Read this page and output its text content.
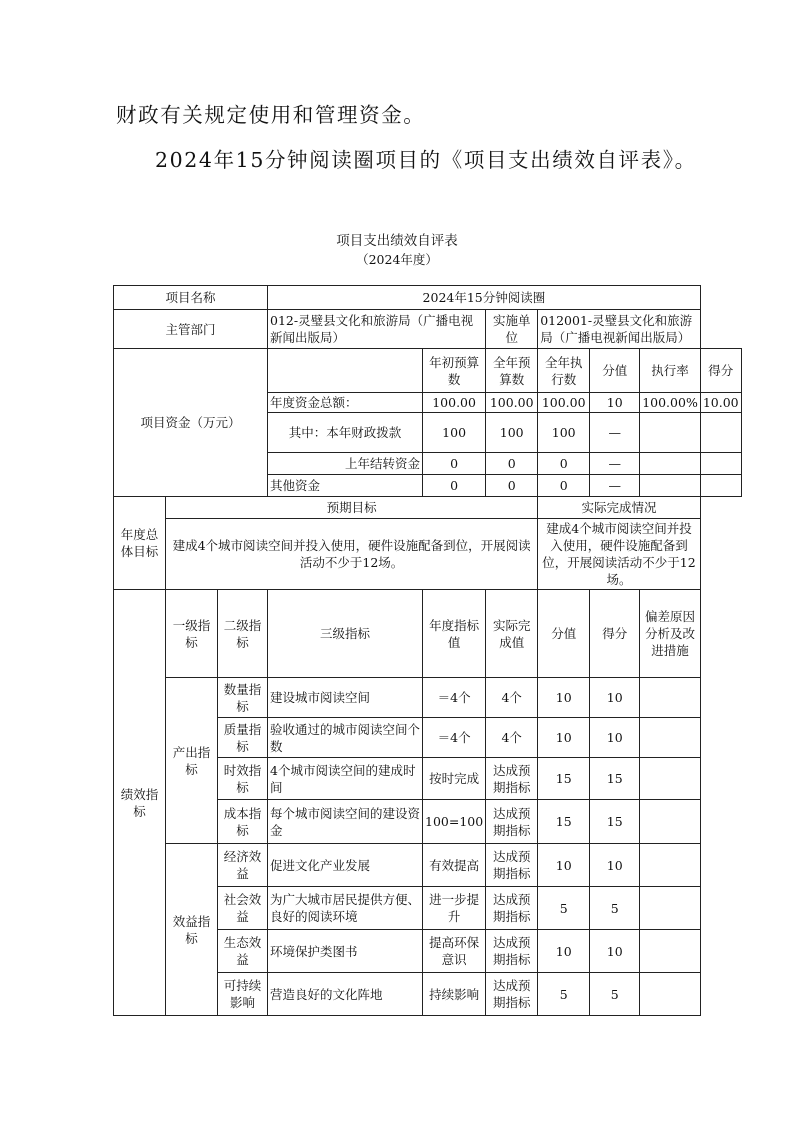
财政有关规定使用和管理资金。
2024年15分钟阅读圈项目的《项目支出绩效自评表》。
项目支出绩效自评表
（2024年度）
项目名称			2024年15分钟阅读圈						
主管部门			012-灵璧县文化和旅游局（广播电视新闻出版局）		实施单位	012001-灵璧县文化和旅游局（广播电视新闻出版局）			
项目资金（万元）				年初预算数	全年预算数	全年执行数	分值	执行率	得分
			年度资金总额：	100.00	100.00	100.00	10	100.00%	10.00
			其中：本年财政拨款	100	100	100	—		
			上年结转资金	0	0	0	—		
			其他资金	0	0	0	—		
年度总体目标	预期目标					实际完成情况			
	建成4个城市阅读空间并投入使用，硬件设施配备到位，开展阅读活动不少于12场。					建成4个城市阅读空间并投入使用，硬件设施配备到位，开展阅读活动不少于12场。			
绩效指标	一级指标	二级指标	三级指标	年度指标值	实际完成值	分值	得分	偏差原因分析及改进措施	
	产出指标	数量指标	建设城市阅读空间	＝4个	4个	10	10		
		质量指标	验收通过的城市阅读空间个数	＝4个	4个	10	10		
		时效指标	4个城市阅读空间的建成时间	按时完成	达成预期指标	15	15		
		成本指标	每个城市阅读空间的建设资金	100=100	达成预期指标	15	15		
	效益指标	经济效益	促进文化产业发展	有效提高	达成预期指标	10	10		
		社会效益	为广大城市居民提供方便、良好的阅读环境	进一步提升	达成预期指标	5	5		
		生态效益	环境保护类图书	提高环保意识	达成预期指标	10	10		
		可持续影响	营造良好的文化阵地	持续影响	达成预期指标	5	5		
